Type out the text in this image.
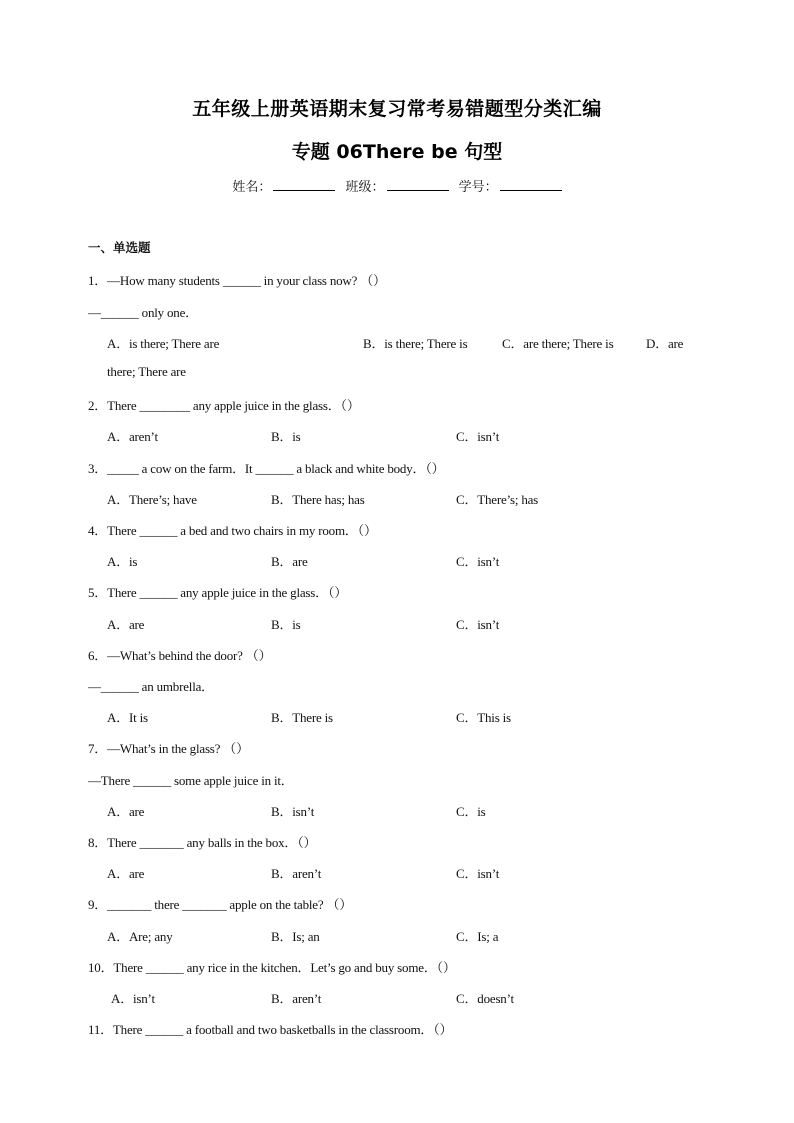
五年级上册英语期末复习常考易错题型分类汇编
专题 06There be 句型
姓名：	班级：	学号：
一、单选题
1．—How many students ______ in your class now? （）
—______ only one．
A．is there; There are	B．is there; There is	C．are there; There is	D．are
there; There are
2．There ________ any apple juice in the glass．（）
A．aren’t	B．is	C．isn’t
3．_____ a cow on the farm．It ______ a black and white body．（）
A．There’s; have	B．There has; has	C．There’s; has
4．There ______ a bed and two chairs in my room．（）
A．is	B．are	C．isn’t
5．There ______ any apple juice in the glass．（）
A．are	B．is	C．isn’t
6．—What’s behind the door? （）
—______ an umbrella．
A．It is	B．There is	C．This is
7．—What’s in the glass? （）
—There ______ some apple juice in it．
A．are	B．isn’t	C．is
8．There _______ any balls in the box．（）
A．are	B．aren’t	C．isn’t
9．_______ there _______ apple on the table? （）
A．Are; any	B．Is; an	C．Is; a
10．There ______ any rice in the kitchen．Let’s go and buy some．（）
A．isn’t	B．aren’t	C．doesn’t
11．There ______ a football and two basketballs in the classroom．（）
